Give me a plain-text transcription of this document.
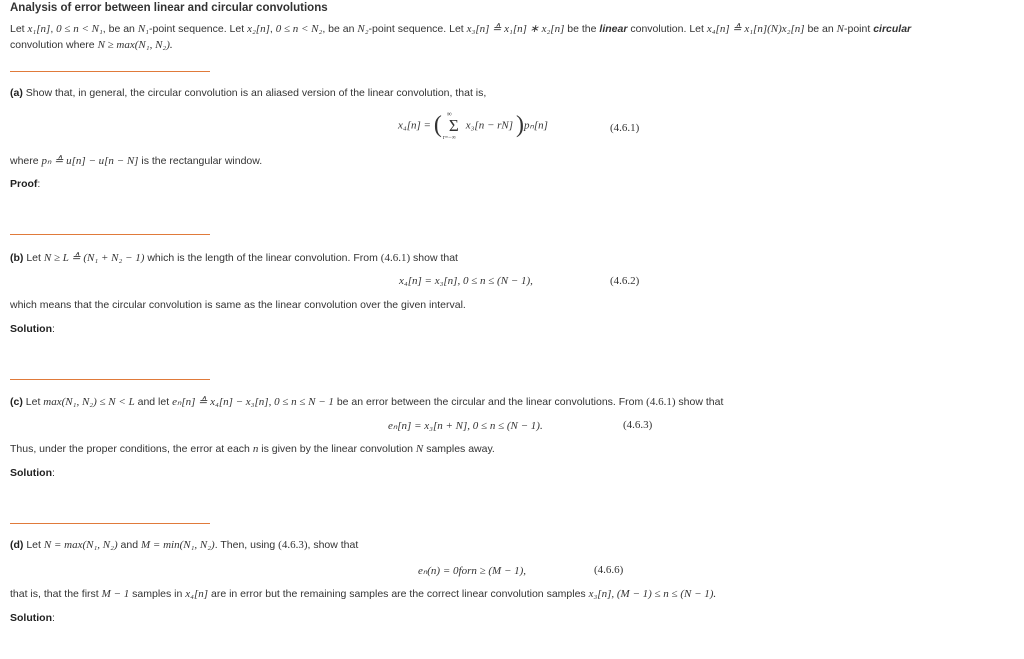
Analysis of error between linear and circular convolutions
Let x₁[n], 0 ≤ n < N₁, be an N₁-point sequence. Let x₂[n], 0 ≤ n < N₂, be an N₂-point sequence. Let x₃[n] ≙ x₁[n] ∗ x₂[n] be the linear convolution. Let x₄[n] ≙ x₁[n](N)x₂[n] be an N-point circular
convolution where N ≥ max(N₁, N₂).
(a) Show that, in general, the circular convolution is an aliased version of the linear convolution, that is,
x₄[n] = ( ∞
Σ
r=−∞
x₃[n − rN] )pₙ[n]	(4.6.1)
where pₙ ≙ u[n] − u[n − N] is the rectangular window.
Proof:
(b) Let N ≥ L ≙ (N₁ + N₂ − 1) which is the length of the linear convolution. From (4.6.1) show that
x₄[n] = x₃[n], 0 ≤ n ≤ (N − 1),	(4.6.2)
which means that the circular convolution is same as the linear convolution over the given interval.
Solution:
(c) Let max(N₁, N₂) ≤ N < L and let eₙ[n] ≙ x₄[n] − x₃[n], 0 ≤ n ≤ N − 1 be an error between the circular and the linear convolutions. From (4.6.1) show that
eₙ[n] = x₃[n + N], 0 ≤ n ≤ (N − 1).	(4.6.3)
Thus, under the proper conditions, the error at each n is given by the linear convolution N samples away.
Solution:
(d) Let N = max(N₁, N₂) and M = min(N₁, N₂). Then, using (4.6.3), show that
eₙ(n) = 0forn ≥ (M − 1),	(4.6.6)
that is, that the first M − 1 samples in x₄[n] are in error but the remaining samples are the correct linear convolution samples x₃[n], (M − 1) ≤ n ≤ (N − 1).
Solution:
